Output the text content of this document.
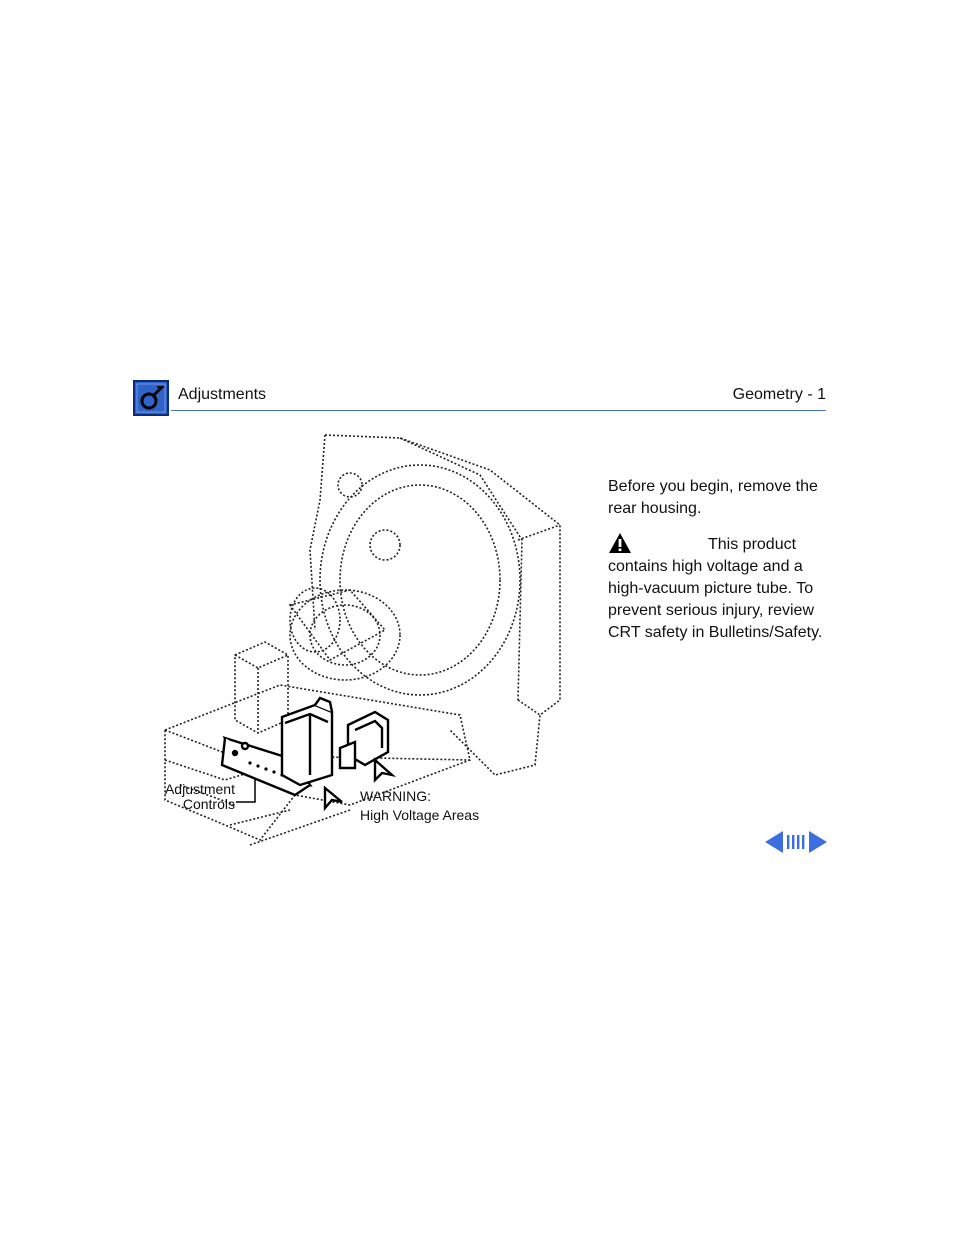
Adjustments	Geometry - 1
Adjustment
Controls	WARNING:
High Voltage Areas

Before you begin, remove the rear housing.

This product
contains high voltage and a high-vacuum picture tube. To prevent serious injury, review CRT safety in Bulletins/Safety.
